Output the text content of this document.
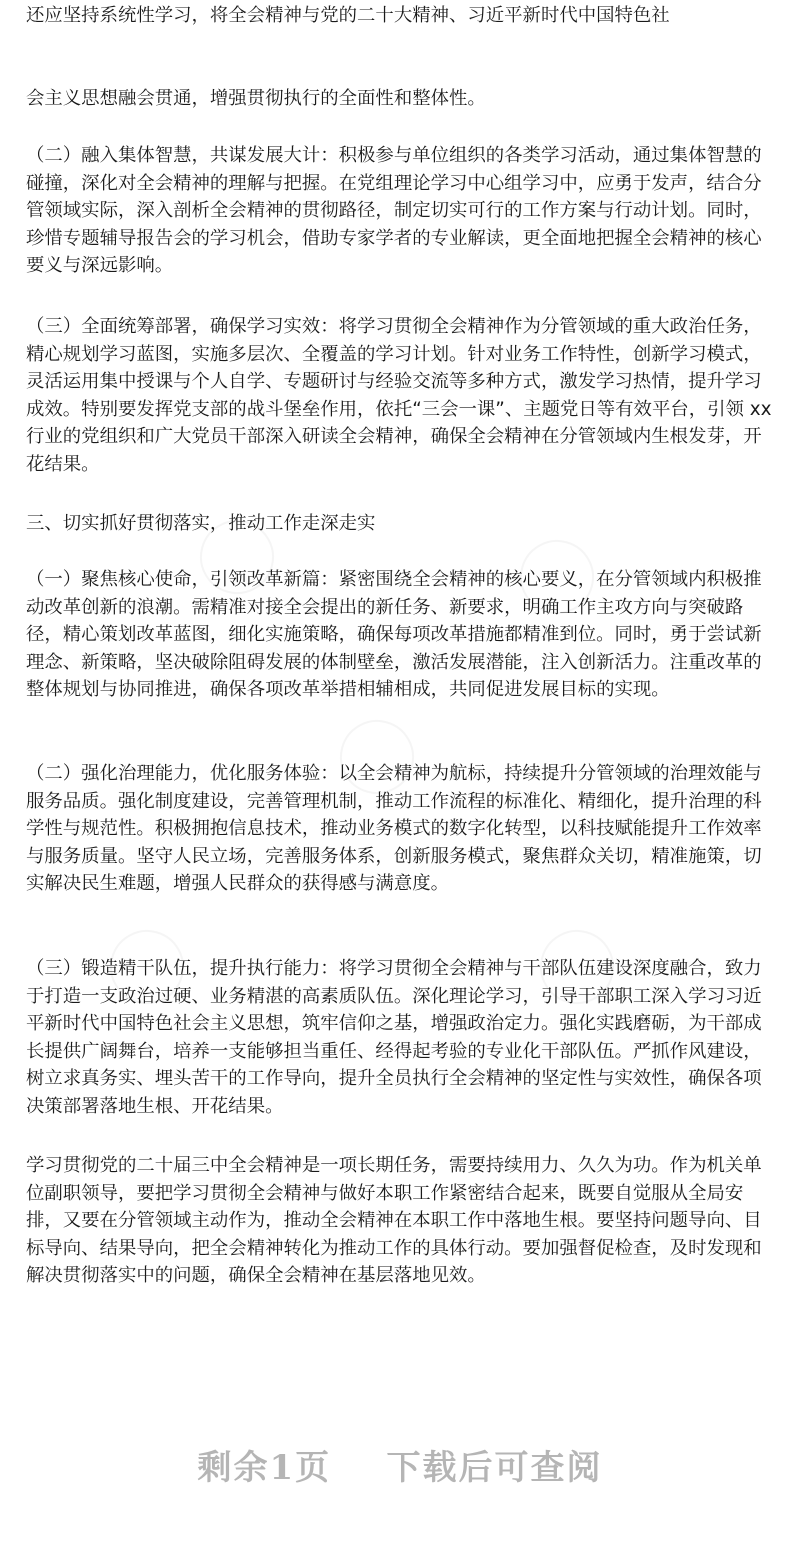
还应坚持系统性学习，将全会精神与党的二十大精神、习近平新时代中国特色社

会主义思想融会贯通，增强贯彻执行的全面性和整体性。

（二）融入集体智慧，共谋发展大计：积极参与单位组织的各类学习活动，通过集体智慧的碰撞，深化对全会精神的理解与把握。在党组理论学习中心组学习中，应勇于发声，结合分管领域实际，深入剖析全会精神的贯彻路径，制定切实可行的工作方案与行动计划。同时，珍惜专题辅导报告会的学习机会，借助专家学者的专业解读，更全面地把握全会精神的核心要义与深远影响。

（三）全面统筹部署，确保学习实效：将学习贯彻全会精神作为分管领域的重大政治任务，精心规划学习蓝图，实施多层次、全覆盖的学习计划。针对业务工作特性，创新学习模式，灵活运用集中授课与个人自学、专题研讨与经验交流等多种方式，激发学习热情，提升学习成效。特别要发挥党支部的战斗堡垒作用，依托“三会一课”、主题党日等有效平台，引领 xx 行业的党组织和广大党员干部深入研读全会精神，确保全会精神在分管领域内生根发芽，开花结果。

三、切实抓好贯彻落实，推动工作走深走实

（一）聚焦核心使命，引领改革新篇：紧密围绕全会精神的核心要义，在分管领域内积极推动改革创新的浪潮。需精准对接全会提出的新任务、新要求，明确工作主攻方向与突破路径，精心策划改革蓝图，细化实施策略，确保每项改革措施都精准到位。同时，勇于尝试新理念、新策略，坚决破除阻碍发展的体制壁垒，激活发展潜能，注入创新活力。注重改革的整体规划与协同推进，确保各项改革举措相辅相成，共同促进发展目标的实现。

（二）强化治理能力，优化服务体验：以全会精神为航标，持续提升分管领域的治理效能与服务品质。强化制度建设，完善管理机制，推动工作流程的标准化、精细化，提升治理的科学性与规范性。积极拥抱信息技术，推动业务模式的数字化转型，以科技赋能提升工作效率与服务质量。坚守人民立场，完善服务体系，创新服务模式，聚焦群众关切，精准施策，切实解决民生难题，增强人民群众的获得感与满意度。

（三）锻造精干队伍，提升执行能力：将学习贯彻全会精神与干部队伍建设深度融合，致力于打造一支政治过硬、业务精湛的高素质队伍。深化理论学习，引导干部职工深入学习习近平新时代中国特色社会主义思想，筑牢信仰之基，增强政治定力。强化实践磨砺，为干部成长提供广阔舞台，培养一支能够担当重任、经得起考验的专业化干部队伍。严抓作风建设，树立求真务实、埋头苦干的工作导向，提升全员执行全会精神的坚定性与实效性，确保各项决策部署落地生根、开花结果。

学习贯彻党的二十届三中全会精神是一项长期任务，需要持续用力、久久为功。作为机关单位副职领导，要把学习贯彻全会精神与做好本职工作紧密结合起来，既要自觉服从全局安排，又要在分管领域主动作为，推动全会精神在本职工作中落地生根。要坚持问题导向、目标导向、结果导向，把全会精神转化为推动工作的具体行动。要加强督促检查，及时发现和解决贯彻落实中的问题，确保全会精神在基层落地见效。

剩余1页 下载后可查阅
